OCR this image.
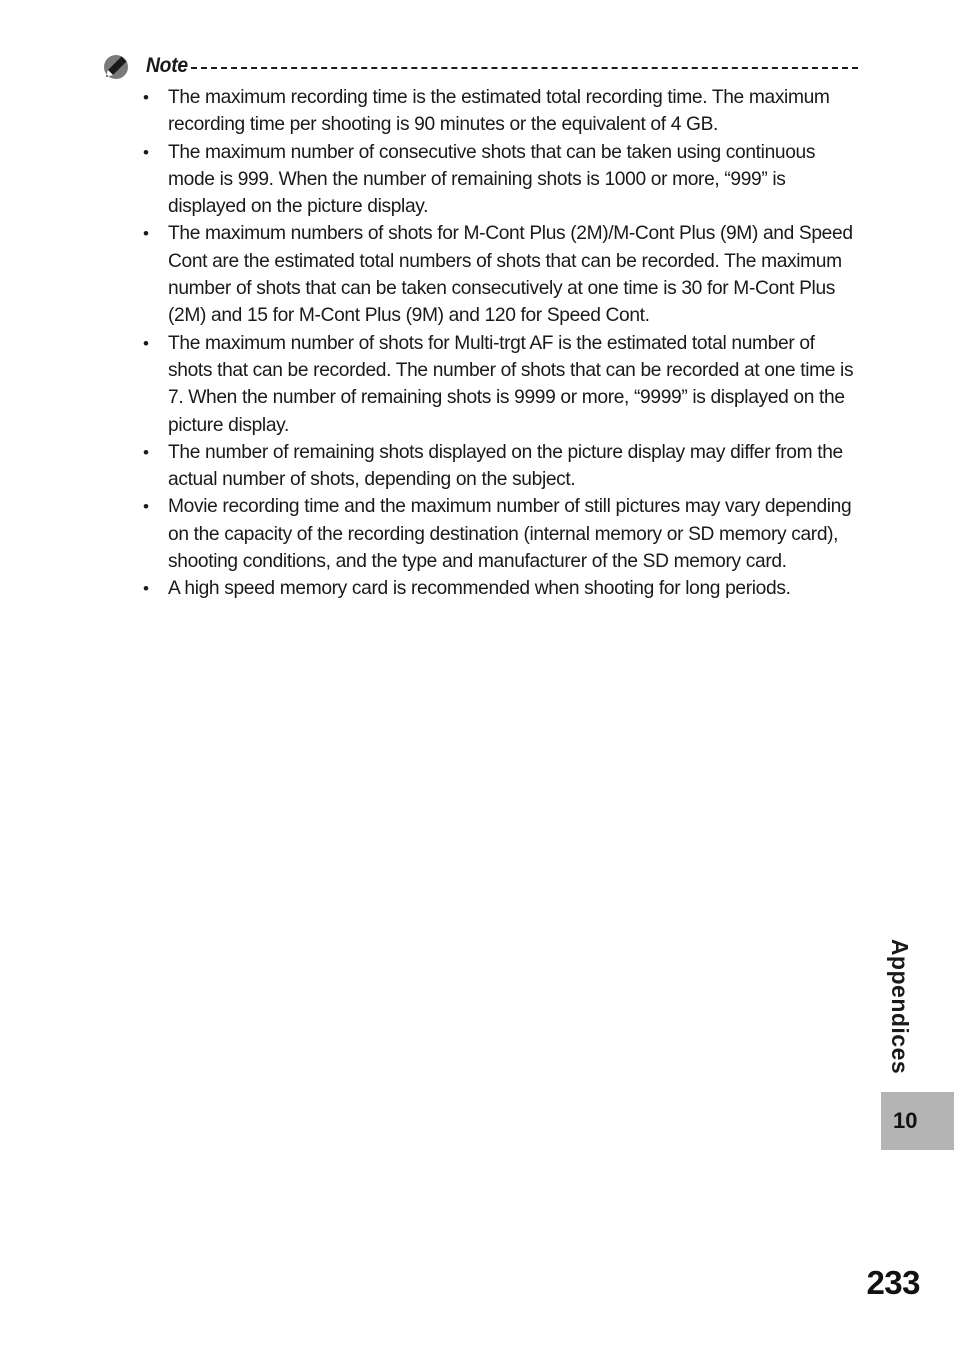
Note
• The maximum recording time is the estimated total recording time. The maximum recording time per shooting is 90 minutes or the equivalent of 4 GB.
• The maximum number of consecutive shots that can be taken using continuous mode is 999. When the number of remaining shots is 1000 or more, “999” is displayed on the picture display.
• The maximum numbers of shots for M-Cont Plus (2M)/M-Cont Plus (9M) and Speed Cont are the estimated total numbers of shots that can be recorded. The maximum number of shots that can be taken consecutively at one time is 30 for M-Cont Plus (2M) and 15 for M-Cont Plus (9M) and 120 for Speed Cont.
• The maximum number of shots for Multi-trgt AF is the estimated total number of shots that can be recorded. The number of shots that can be recorded at one time is 7. When the number of remaining shots is 9999 or more, “9999” is displayed on the picture display.
• The number of remaining shots displayed on the picture display may differ from the actual number of shots, depending on the subject.
• Movie recording time and the maximum number of still pictures may vary depending on the capacity of the recording destination (internal memory or SD memory card), shooting conditions, and the type and manufacturer of the SD memory card.
• A high speed memory card is recommended when shooting for long periods.
Appendices
10
233
